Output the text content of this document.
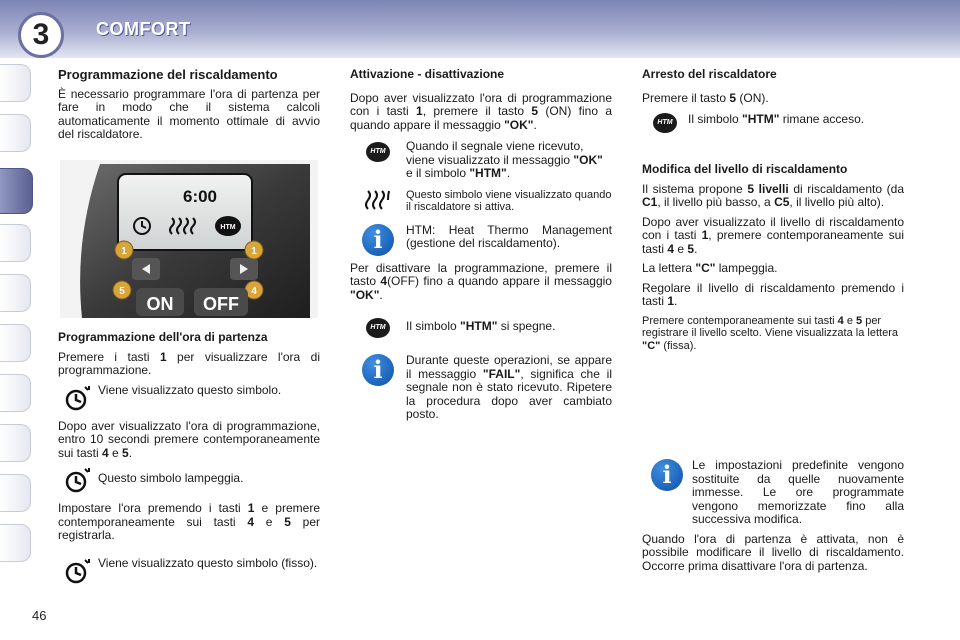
3	COMFORT
Programmazione del riscaldamento

È necessario programmare l'ora di partenza per fare in modo che il sistema calcoli automaticamente il momento ottimale di avvio del riscaldatore.

6:00
HTM
1	1
5	4
ON OFF
Programmazione dell'ora di partenza

Premere i tasti 1 per visualizzare l'ora di programmazione.

Viene visualizzato questo simbolo.

Dopo aver visualizzato l'ora di programmazione, entro 10 secondi premere contemporaneamente sui tasti 4 e 5.

Questo simbolo lampeggia.

Impostare l'ora premendo i tasti 1 e premere contemporaneamente sui tasti 4 e 5 per registrarla.

Viene visualizzato questo simbolo (fisso).
Attivazione - disattivazione

Dopo aver visualizzato l'ora di programmazione con i tasti 1, premere il tasto 5 (ON) fino a quando appare il messaggio "OK".

HTM	Quando il segnale viene ricevuto, viene visualizzato il messaggio "OK" e il simbolo "HTM".
Questo simbolo viene visualizzato quando il riscaldatore si attiva.
i	HTM: Heat Thermo Management (gestione del riscaldamento).

Per disattivare la programmazione, premere il tasto 4(OFF) fino a quando appare il messaggio "OK".

HTM	Il simbolo "HTM" si spegne.
i	Durante queste operazioni, se appare il messaggio "FAIL", significa che il segnale non è stato ricevuto. Ripetere la procedura dopo aver cambiato posto.
Arresto del riscaldatore

Premere il tasto 5 (ON).

HTM	Il simbolo "HTM" rimane acceso.
Modifica del livello di riscaldamento

Il sistema propone 5 livelli di riscaldamento (da C1, il livello più basso, a C5, il livello più alto).

Dopo aver visualizzato il livello di riscaldamento con i tasti 1, premere contemporaneamente sui tasti 4 e 5.

La lettera "C" lampeggia.

Regolare il livello di riscaldamento premendo i tasti 1.

Premere contemporaneamente sui tasti 4 e 5 per registrare il livello scelto. Viene visualizzata la lettera "C" (fissa).

i	Le impostazioni predefinite vengono sostituite da quelle nuovamente immesse. Le ore programmate vengono memorizzate fino alla successiva modifica.

Quando l'ora di partenza è attivata, non è possibile modificare il livello di riscaldamento. Occorre prima disattivare l'ora di partenza.

46
